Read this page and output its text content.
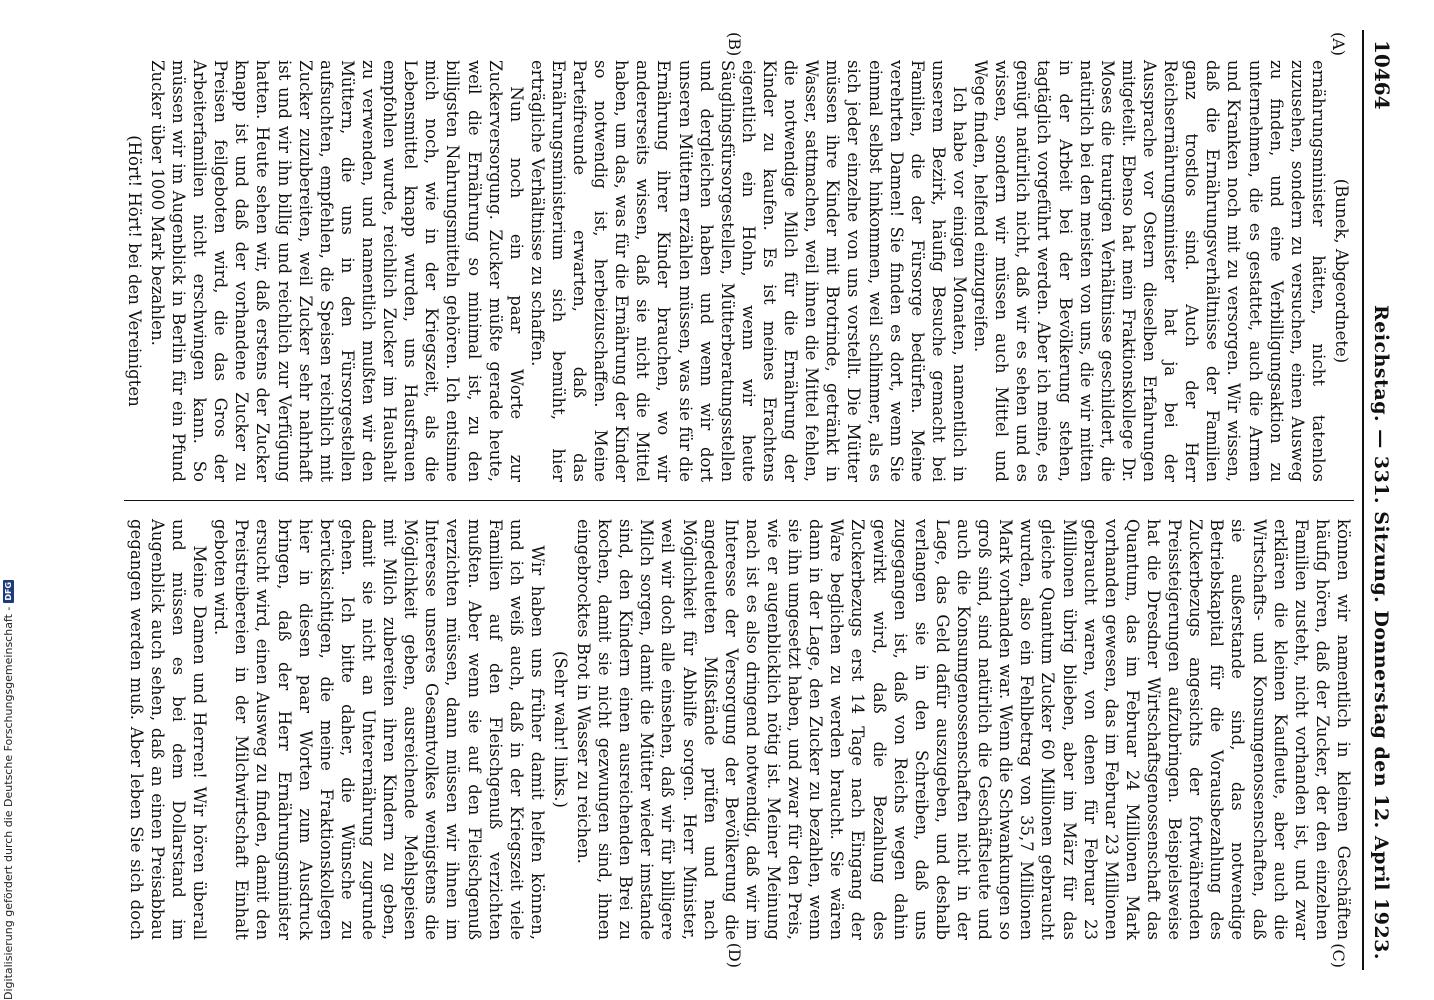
10464
Reichstag. — 331. Sitzung. Donnerstag den 12. April 1923.
(A)
(B)
(C)
(D)

(Bunek, Abgeordnete)

ernährungsminister hätten, nicht tatenlos zuzusehen, sondern zu versuchen, einen Ausweg zu finden, und eine Verbilligungsaktion zu unternehmen, die es gestattet, auch die Armen und Kranken noch mit zu versorgen. Wir wissen, daß die Ernährungsverhältnisse der Familien ganz trostlos sind. Auch der Herr Reichsernährungsminister hat ja bei der Aussprache vor Ostern dieselben Erfahrungen mitgeteilt. Ebenso hat mein Fraktionskollege Dr. Moses die traurigen Verhältnisse geschildert, die natürlich bei den meisten von uns, die wir mitten in der Arbeit bei der Bevölkerung stehen, tagtäglich vorgeführt werden. Aber ich meine, es genügt natürlich nicht, daß wir es sehen und es wissen, sondern wir müssen auch Mittel und Wege finden, helfend einzugreifen.

Ich habe vor einigen Monaten, namentlich in unserem Bezirk, häufig Besuche gemacht bei Familien, die der Fürsorge bedürfen. Meine verehrten Damen! Sie finden es dort, wenn Sie einmal selbst hinkommen, weil schlimmer, als es sich jeder einzelne von uns vorstellt. Die Mütter müssen ihre Kinder mit Brotrinde, getränkt in Wasser, sattmachen, weil ihnen die Mittel fehlen, die notwendige Milch für die Ernährung der Kinder zu kaufen. Es ist meines Erachtens eigentlich ein Hohn, wenn wir heute Säuglingsfürsorgestellen, Mütterberatungsstellen und dergleichen haben und wenn wir dort unseren Müttern erzählen müssen, was sie für die Ernährung ihrer Kinder brauchen, wo wir andererseits wissen, daß sie nicht die Mittel haben, um das, was für die Ernährung der Kinder so notwendig ist, herbeizuschaffen. Meine Parteifreunde erwarten, daß das Ernährungsministerium sich bemüht, hier erträgliche Verhältnisse zu schaffen.

Nun noch ein paar Worte zur Zuckerversorgung. Zucker müßte gerade heute, weil die Ernährung so minimal ist, zu den billigsten Nahrungsmitteln gehören. Ich entsinne mich noch, wie in der Kriegszeit, als die Lebensmittel knapp wurden, uns Hausfrauen empfohlen wurde, reichlich Zucker im Haushalt zu verwenden, und namentlich mußten wir den Müttern, die uns in den Fürsorgestellen aufsuchten, empfehlen, die Speisen reichlich mit Zucker zuzubereiten, weil Zucker sehr nahrhaft ist und wir ihn billig und reichlich zur Verfügung hatten. Heute sehen wir, daß erstens der Zucker knapp ist und daß der vorhandene Zucker zu Preisen feilgeboten wird, die das Gros der Arbeiterfamilien nicht erschwingen kann. So müssen wir im Augenblick in Berlin für ein Pfund Zucker über 1000 Mark bezahlen.

(Hört! Hört! bei den Vereinigten

können wir namentlich in kleinen Geschäften häufig hören, daß der Zucker, der den einzelnen Familien zusteht, nicht vorhanden ist, und zwar erklären die kleinen Kaufleute, aber auch die Wirtschafts- und Konsumgenossenschaften, daß sie außerstande sind, das notwendige Betriebskapital für die Vorausbezahlung des Zuckerbezugs angesichts der fortwährenden Preissteigerungen aufzubringen. Beispielsweise hat die Dresdner Wirtschaftsgenossenschaft das Quantum, das im Februar 24 Millionen Mark vorhanden gewesen, das im Februar 23 Millionen gebraucht waren, von denen für Februar 23 Millionen übrig blieben, aber im März für das gleiche Quantum Zucker 60 Millionen gebraucht wurden, also ein Fehlbetrag von 35,7 Millionen Mark vorhanden war. Wenn die Schwankungen so groß sind, sind natürlich die Geschäftsleute und auch die Konsumgenossenschaften nicht in der Lage, das Geld dafür auszugeben, und deshalb verlangen sie in den Schreiben, daß uns zugegangen ist, daß von Reichs wegen dahin gewirkt wird, daß die Bezahlung des Zuckerbezugs erst 14 Tage nach Eingang der Ware beglichen zu werden braucht. Sie wären dann in der Lage, den Zucker zu bezahlen, wenn sie ihn umgesetzt haben, und zwar für den Preis, wie er augenblicklich nötig ist. Meiner Meinung nach ist es also dringend notwendig, daß wir im Interesse der Versorgung der Bevölkerung die angedeuteten Mißstände prüfen und nach Möglichkeit für Abhilfe sorgen. Herr Minister, weil wir doch alle einsehen, daß wir für billigere Milch sorgen, damit die Mütter wieder imstande sind, den Kindern einen ausreichenden Brei zu kochen, damit sie nicht gezwungen sind, ihnen eingebrocktes Brot in Wasser zu reichen.

(Sehr wahr! links.)

Wir haben uns früher damit helfen können, und ich weiß auch, daß in der Kriegszeit viele Familien auf den Fleischgenuß verzichten mußten. Aber wenn sie auf den Fleischgenuß verzichten müssen, dann müssen wir ihnen im Interesse unseres Gesamtvolkes wenigstens die Möglichkeit geben, ausreichende Mehlspeisen mit Milch zubereiten ihren Kindern zu geben, damit sie nicht an Unterernährung zugrunde gehen. Ich bitte daher, die Wünsche zu berücksichtigen, die meine Fraktionskollegen hier in diesen paar Worten zum Ausdruck bringen, daß der Herr Ernährungsminister ersucht wird, einen Ausweg zu finden, damit den Preistreibereien in der Milchwirtschaft Einhalt geboten wird.

Meine Damen und Herren! Wir hören überall und müssen es bei dem Dollarstand im Augenblick auch sehen, daß an einen Preisabbau gegangen werden muß. Aber leben Sie sich doch

Digitalisierung gefördert durch die Deutsche Forschungsgemeinschaft -
DFG
